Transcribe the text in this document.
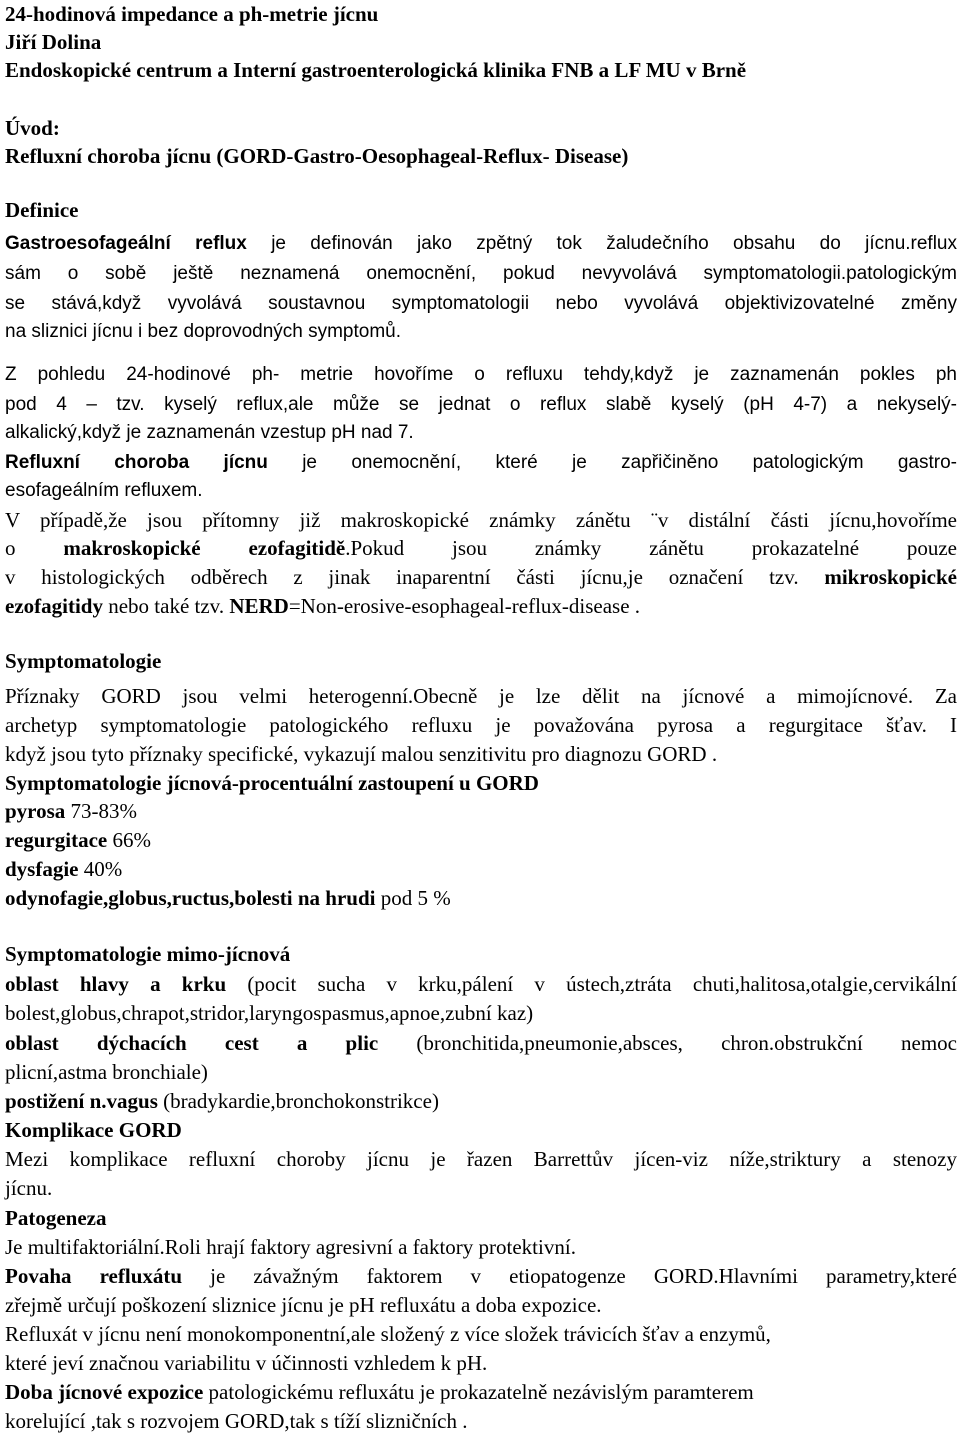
24-hodinová impedance a ph-metrie jícnu
Jiří Dolina
Endoskopické centrum a Interní gastroenterologická klinika FNB a LF MU v Brně
Úvod:
Refluxní choroba jícnu (GORD-Gastro-Oesophageal-Reflux- Disease)
Definice
Gastroesofageální reflux je definován jako zpětný tok žaludečního obsahu do jícnu.reflux
sám o sobě ještě neznamená onemocnění, pokud nevyvolává symptomatologii.patologickým
se stává,když vyvolává soustavnou symptomatologii nebo vyvolává objektivizovatelné změny
na sliznici jícnu i bez doprovodných symptomů.
Z pohledu 24-hodinové ph- metrie hovoříme o refluxu tehdy,když je zaznamenán pokles ph
pod 4 – tzv. kyselý reflux,ale může se jednat o reflux slabě kyselý (pH 4-7) a nekyselý-
alkalický,když je zaznamenán vzestup pH nad 7.
Refluxní choroba jícnu je onemocnění, které je zapřičiněno patologickým gastro-
esofageálním refluxem.
V případě,že jsou přítomny již makroskopické známky zánětu ¨v distální části jícnu,hovoříme
o makroskopické ezofagitidě.Pokud jsou známky zánětu prokazatelné pouze
v histologických odběrech z jinak inaparentní části jícnu,je označení tzv. mikroskopické
ezofagitidy nebo také tzv. NERD=Non-erosive-esophageal-reflux-disease .
Symptomatologie
Příznaky GORD jsou velmi heterogenní.Obecně je lze dělit na jícnové a mimojícnové. Za
archetyp symptomatologie patologického refluxu je považována pyrosa a regurgitace šťav. I
když jsou tyto příznaky specifické, vykazují malou senzitivitu pro diagnozu GORD .
Symptomatologie jícnová-procentuální zastoupení u GORD
pyrosa 73-83%
regurgitace 66%
dysfagie 40%
odynofagie,globus,ructus,bolesti na hrudi pod 5 %
Symptomatologie mimo-jícnová
oblast hlavy a krku (pocit sucha v krku,pálení v ústech,ztráta chuti,halitosa,otalgie,cervikální
bolest,globus,chrapot,stridor,laryngospasmus,apnoe,zubní kaz)
oblast dýchacích cest a plic (bronchitida,pneumonie,absces, chron.obstrukční nemoc
plicní,astma bronchiale)
postižení n.vagus (bradykardie,bronchokonstrikce)
Komplikace GORD
Mezi komplikace refluxní choroby jícnu je řazen Barrettův jícen-viz níže,striktury a stenozy
jícnu.
Patogeneza
Je multifaktoriální.Roli hrají faktory agresivní a faktory protektivní.
Povaha refluxátu je závažným faktorem v etiopatogenze GORD.Hlavními parametry,které
zřejmě určují poškození sliznice jícnu je pH refluxátu a doba expozice.
Refluxát v jícnu není monokomponentní,ale složený z více složek trávicích šťav a enzymů,
které jeví značnou variabilitu v účinnosti vzhledem k pH.
Doba jícnové expozice patologickému refluxátu je prokazatelně nezávislým paramterem
korelující ,tak s rozvojem GORD,tak s tíží slizničních .
